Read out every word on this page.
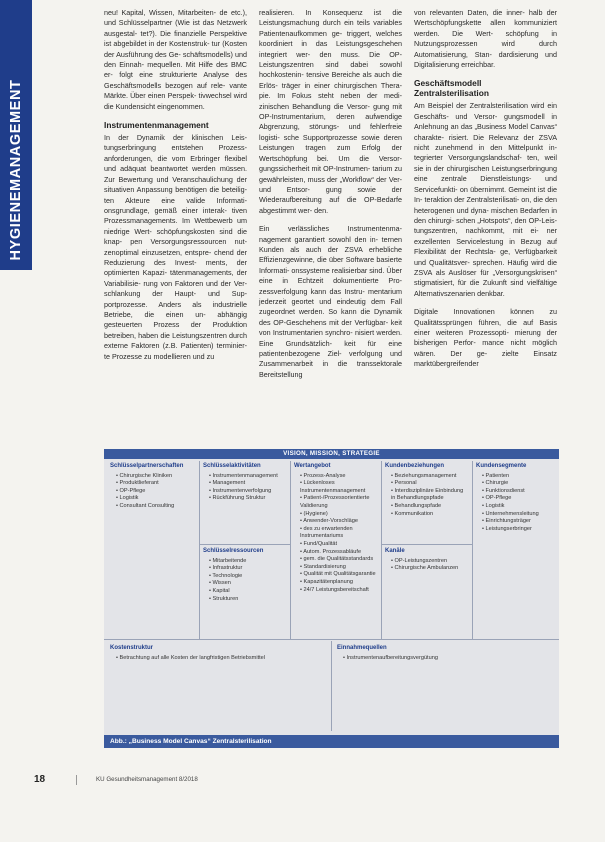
HYGIENEMANAGEMENT

neu! Kapital, Wissen, Mitarbeiten- de etc.), und Schlüsselpartner (Wie ist das Netzwerk ausgestal- tet?). Die finanzielle Perspektive ist abgebildet in der Kostenstruk- tur (Kosten der Ausführung des Ge- schäftsmodells) und den Einnah- mequellen. Mit Hilfe des BMC er- folgt eine strukturierte Analyse des Geschäftsmodells bezogen auf rele- vante Märkte. Über einen Perspek- tivwechsel wird die Kundensicht eingenommen.

Instrumentenmanagement

In der Dynamik der klinischen Leis- tungserbringung entstehen Prozess- anforderungen, die vom Erbringer flexibel und adäquat beantwortet werden müssen. Zur Bewertung und Veranschaulichung der situativen Anpassung benötigen die beteilig- ten Akteure eine valide Informati- onsgrundlage, gemäß einer interak- tiven Prozessmanagements. Im Wettbewerb um niedrige Wert- schöpfungskosten sind die knap- pen Versorgungsressourcen nut- zenoptimal einzusetzen, entspre- chend der Reduzierung des Invest- ments, der optimierten Kapazi- tätenmanagements, der Variabilisie- rung von Faktoren und der Ver- schlankung der Haupt- und Sup- portprozesse. Anders als industrielle Betriebe, die einen un- abhängig gesteuerten Prozess der Produktion betreiben, haben die Leistungszentren durch externe Faktoren (z.B. Patienten) terminier- te Prozesse zu modellieren und zu

realisieren. In Konsequenz ist die Leistungsmachung durch ein teils variables Patientenaufkommen ge- triggert, welches koordiniert in das Leistungsgeschehen integriert wer- den muss. Die OP-Leistungszentren sind dabei sowohl hochkostenin- tensive Bereiche als auch die Erlös- träger in einer chirurgischen Thera- pie. Im Fokus steht neben der medi- zinischen Behandlung die Versor- gung mit OP-Instrumentarium, deren aufwendige Abgrenzung, störungs- und fehlerfreie logisti- sche Supportprozesse sowie deren Leistungen tragen zum Erfolg der Wertschöpfung bei. Um die Versor- gungssicherheit mit OP-Instrumen- tarium zu gewährleisten, muss der „Workflow“ der Ver- und Entsor- gung sowie der Wiederaufbereitung auf die OP-Bedarfe abgestimmt wer- den.

Ein verlässliches Instrumentenma- nagement garantiert sowohl den in- ternen Kunden als auch der ZSVA erhebliche Effizienzgewinne, die über Software basierte Informati- onssysteme realisierbar sind. Über eine in Echtzeit dokumentierte Pro- zessverfolgung kann das Instru- mentarium jederzeit geortet und eindeutig dem Fall zugeordnet werden. So kann die Dynamik des OP-Geschehens mit der Verfügbar- keit von Instrumentarien synchro- nisiert werden. Eine Grundsätzlich- keit für eine patientenbezogene Ziel- verfolgung und Zusammenarbeit in die transsektorale Bereitstellung

von relevanten Daten, die inner- halb der Wertschöpfungskette allen kommuniziert werden. Die Wert- schöpfung in Nutzungsprozessen wird durch Automatisierung, Stan- dardisierung und Digitalisierung erreichbar.

Geschäftsmodell Zentralsterilisation

Am Beispiel der Zentralsterilisation wird ein Geschäfts- und Versor- gungsmodell in Anlehnung an das „Business Model Canvas“ charakte- risiert. Die Relevanz der ZSVA nicht zunehmend in den Mittelpunkt in- tegrierter Versorgungslandschaf- ten, weil sie in der chirurgischen Leistungserbringung eine zentrale Dienstleistungs- und Servicefunkti- on übernimmt. Gemeint ist die In- teraktion der Zentralsterilisati- on, die den heterogenen und dyna- mischen Bedarfen in den chirurgi- schen „Hotspots“, den OP-Leis- tungszentren, nachkommt, mit ei- ner exzellenten Servicelestung in Bezug auf Flexibilität der Rechtsla- ge, Verfügbarkeit und Qualitätsver- sprechen. Häufig wird die ZSVA als Auslöser für „Versorgungskrisen“ stigmatisiert, für die Zukunft sind vielfältige Alternativszenarien denkbar.

Digitale Innovationen können zu Qualitätssprüngen führen, die auf Basis einer weiteren Prozessopti- mierung der bisherigen Perfor- mance nicht möglich wären. Der ge- zielte Einsatz marktübergreifender

VISION, MISSION, STRATEGIE
Schlüsselpartnerschaften
• Chirurgische Kliniken
• Produktlieferant
• OP-Pflege
• Logistik
• Consultant Consulting
Schlüsselaktivitäten
• Instrumentenmanagement
• Management
• Instrumentenverfolgung
• Rückführung Struktur
Schlüsselressourcen
• Mitarbeitende
• Infrastruktur
• Technologie
• Wissen
• Kapital
• Strukturen
Wertangebot
• Prozess-Analyse
• Lückenloses Instrumentenmanagement
• Patient-/Prozessorientierte Validierung
• (Hygiene)
• Anwender-Vorschläge
• des zu erwartenden Instrumentariums
• Fund/Qualität
• Autom. Prozessabläufe
• gem. die Qualitätsstandards
• Standardisierung
• Qualität mit Qualitätsgarantie
• Kapazitätenplanung
• 24/7 Leistungsbereitschaft
Kundenbeziehungen
• Beziehungsmanagement
• Personal
• Interdisziplinäre Einbindung in Behandlungspfade
• Behandlungspfade
• Kommunikation
Kanäle
• OP-Leistungszentren
• Chirurgische Ambulanzen
Kundensegmente
• Patienten
• Chirurgie
• Funktionsdienst
• OP-Pflege
• Logistik
• Unternehmensleitung
• Einrichtungsträger
• Leistungserbringer
Kostenstruktur
• Betrachtung auf alle Kosten der langfristigen Betriebsmittel
Einnahmequellen
• Instrumentenaufbereitungsvergütung
Abb.: „Business Model Canvas“ Zentralsterilisation
18	KU Gesundheitsmanagement 8/2018
